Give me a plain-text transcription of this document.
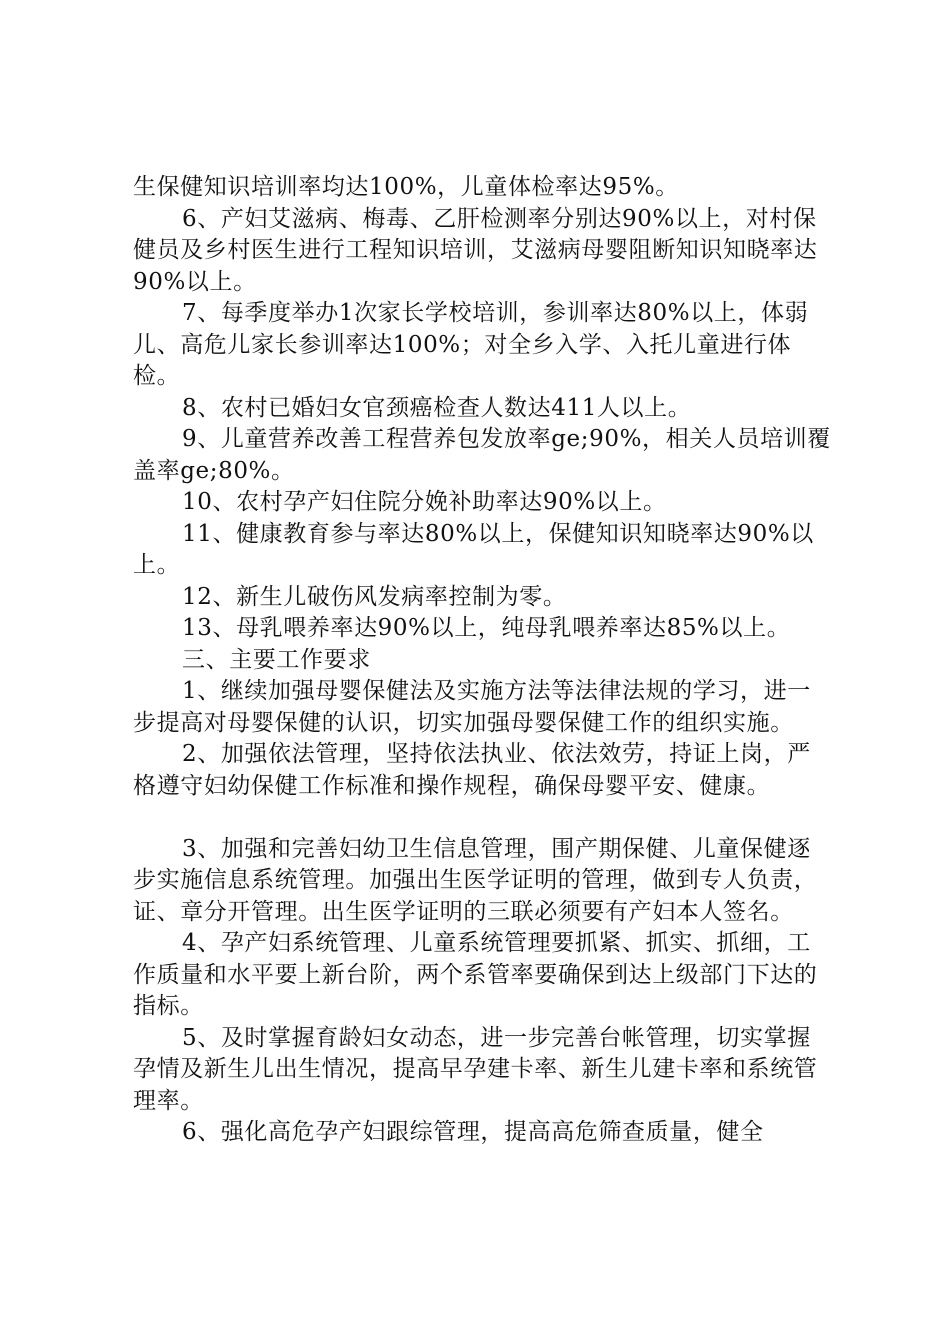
生保健知识培训率均达100%，儿童体检率达95%。

6、产妇艾滋病、梅毒、乙肝检测率分别达90%以上，对村保健员及乡村医生进行工程知识培训，艾滋病母婴阻断知识知晓率达90%以上。

7、每季度举办1次家长学校培训，参训率达80%以上，体弱儿、高危儿家长参训率达100%；对全乡入学、入托儿童进行体检。

8、农村已婚妇女官颈癌检查人数达411人以上。

9、儿童营养改善工程营养包发放率ge;90%，相关人员培训覆盖率ge;80%。

10、农村孕产妇住院分娩补助率达90%以上。

11、健康教育参与率达80%以上，保健知识知晓率达90%以上。

12、新生儿破伤风发病率控制为零。

13、母乳喂养率达90%以上，纯母乳喂养率达85%以上。

三、主要工作要求

1、继续加强母婴保健法及实施方法等法律法规的学习，进一步提高对母婴保健的认识，切实加强母婴保健工作的组织实施。

2、加强依法管理，坚持依法执业、依法效劳，持证上岗，严格遵守妇幼保健工作标准和操作规程，确保母婴平安、健康。

3、加强和完善妇幼卫生信息管理，围产期保健、儿童保健逐步实施信息系统管理。加强出生医学证明的管理，做到专人负责，证、章分开管理。出生医学证明的三联必须要有产妇本人签名。

4、孕产妇系统管理、儿童系统管理要抓紧、抓实、抓细，工作质量和水平要上新台阶，两个系管率要确保到达上级部门下达的指标。

5、及时掌握育龄妇女动态，进一步完善台帐管理，切实掌握孕情及新生儿出生情况，提高早孕建卡率、新生儿建卡率和系统管理率。

6、强化高危孕产妇跟综管理，提高高危筛查质量，健全
